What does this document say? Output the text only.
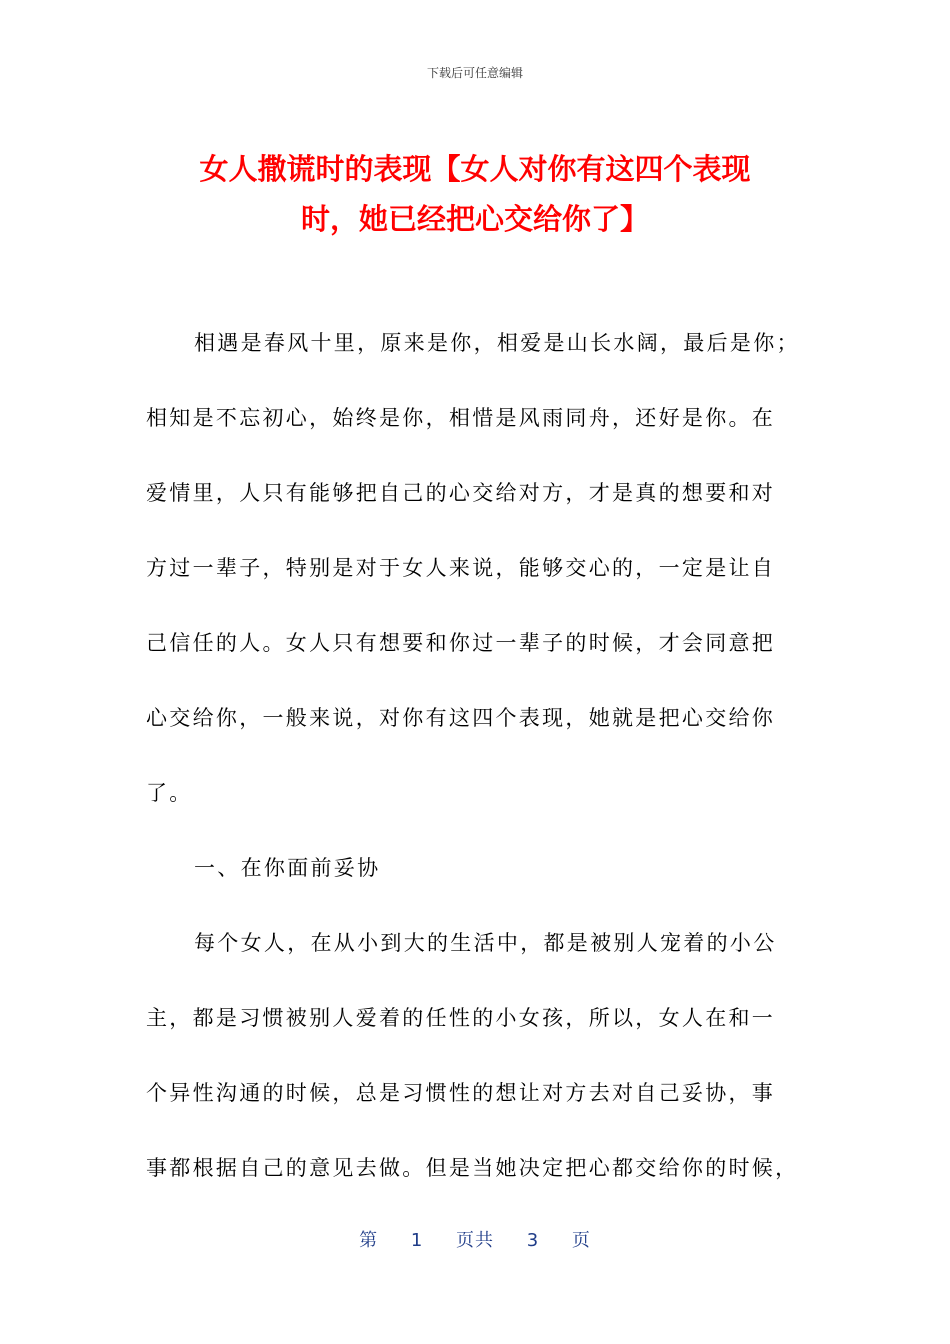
下载后可任意编辑
女人撒谎时的表现【女人对你有这四个表现
时，她已经把心交给你了】
相遇是春风十里，原来是你，相爱是山长水阔，最后是你；
相知是不忘初心，始终是你，相惜是风雨同舟，还好是你。在
爱情里，人只有能够把自己的心交给对方，才是真的想要和对
方过一辈子，特别是对于女人来说，能够交心的，一定是让自
己信任的人。女人只有想要和你过一辈子的时候，才会同意把
心交给你，一般来说，对你有这四个表现，她就是把心交给你
了。
一、在你面前妥协
每个女人，在从小到大的生活中，都是被别人宠着的小公
主，都是习惯被别人爱着的任性的小女孩，所以，女人在和一
个异性沟通的时候，总是习惯性的想让对方去对自己妥协，事
事都根据自己的意见去做。但是当她决定把心都交给你的时候，
第 1 页共 3 页
